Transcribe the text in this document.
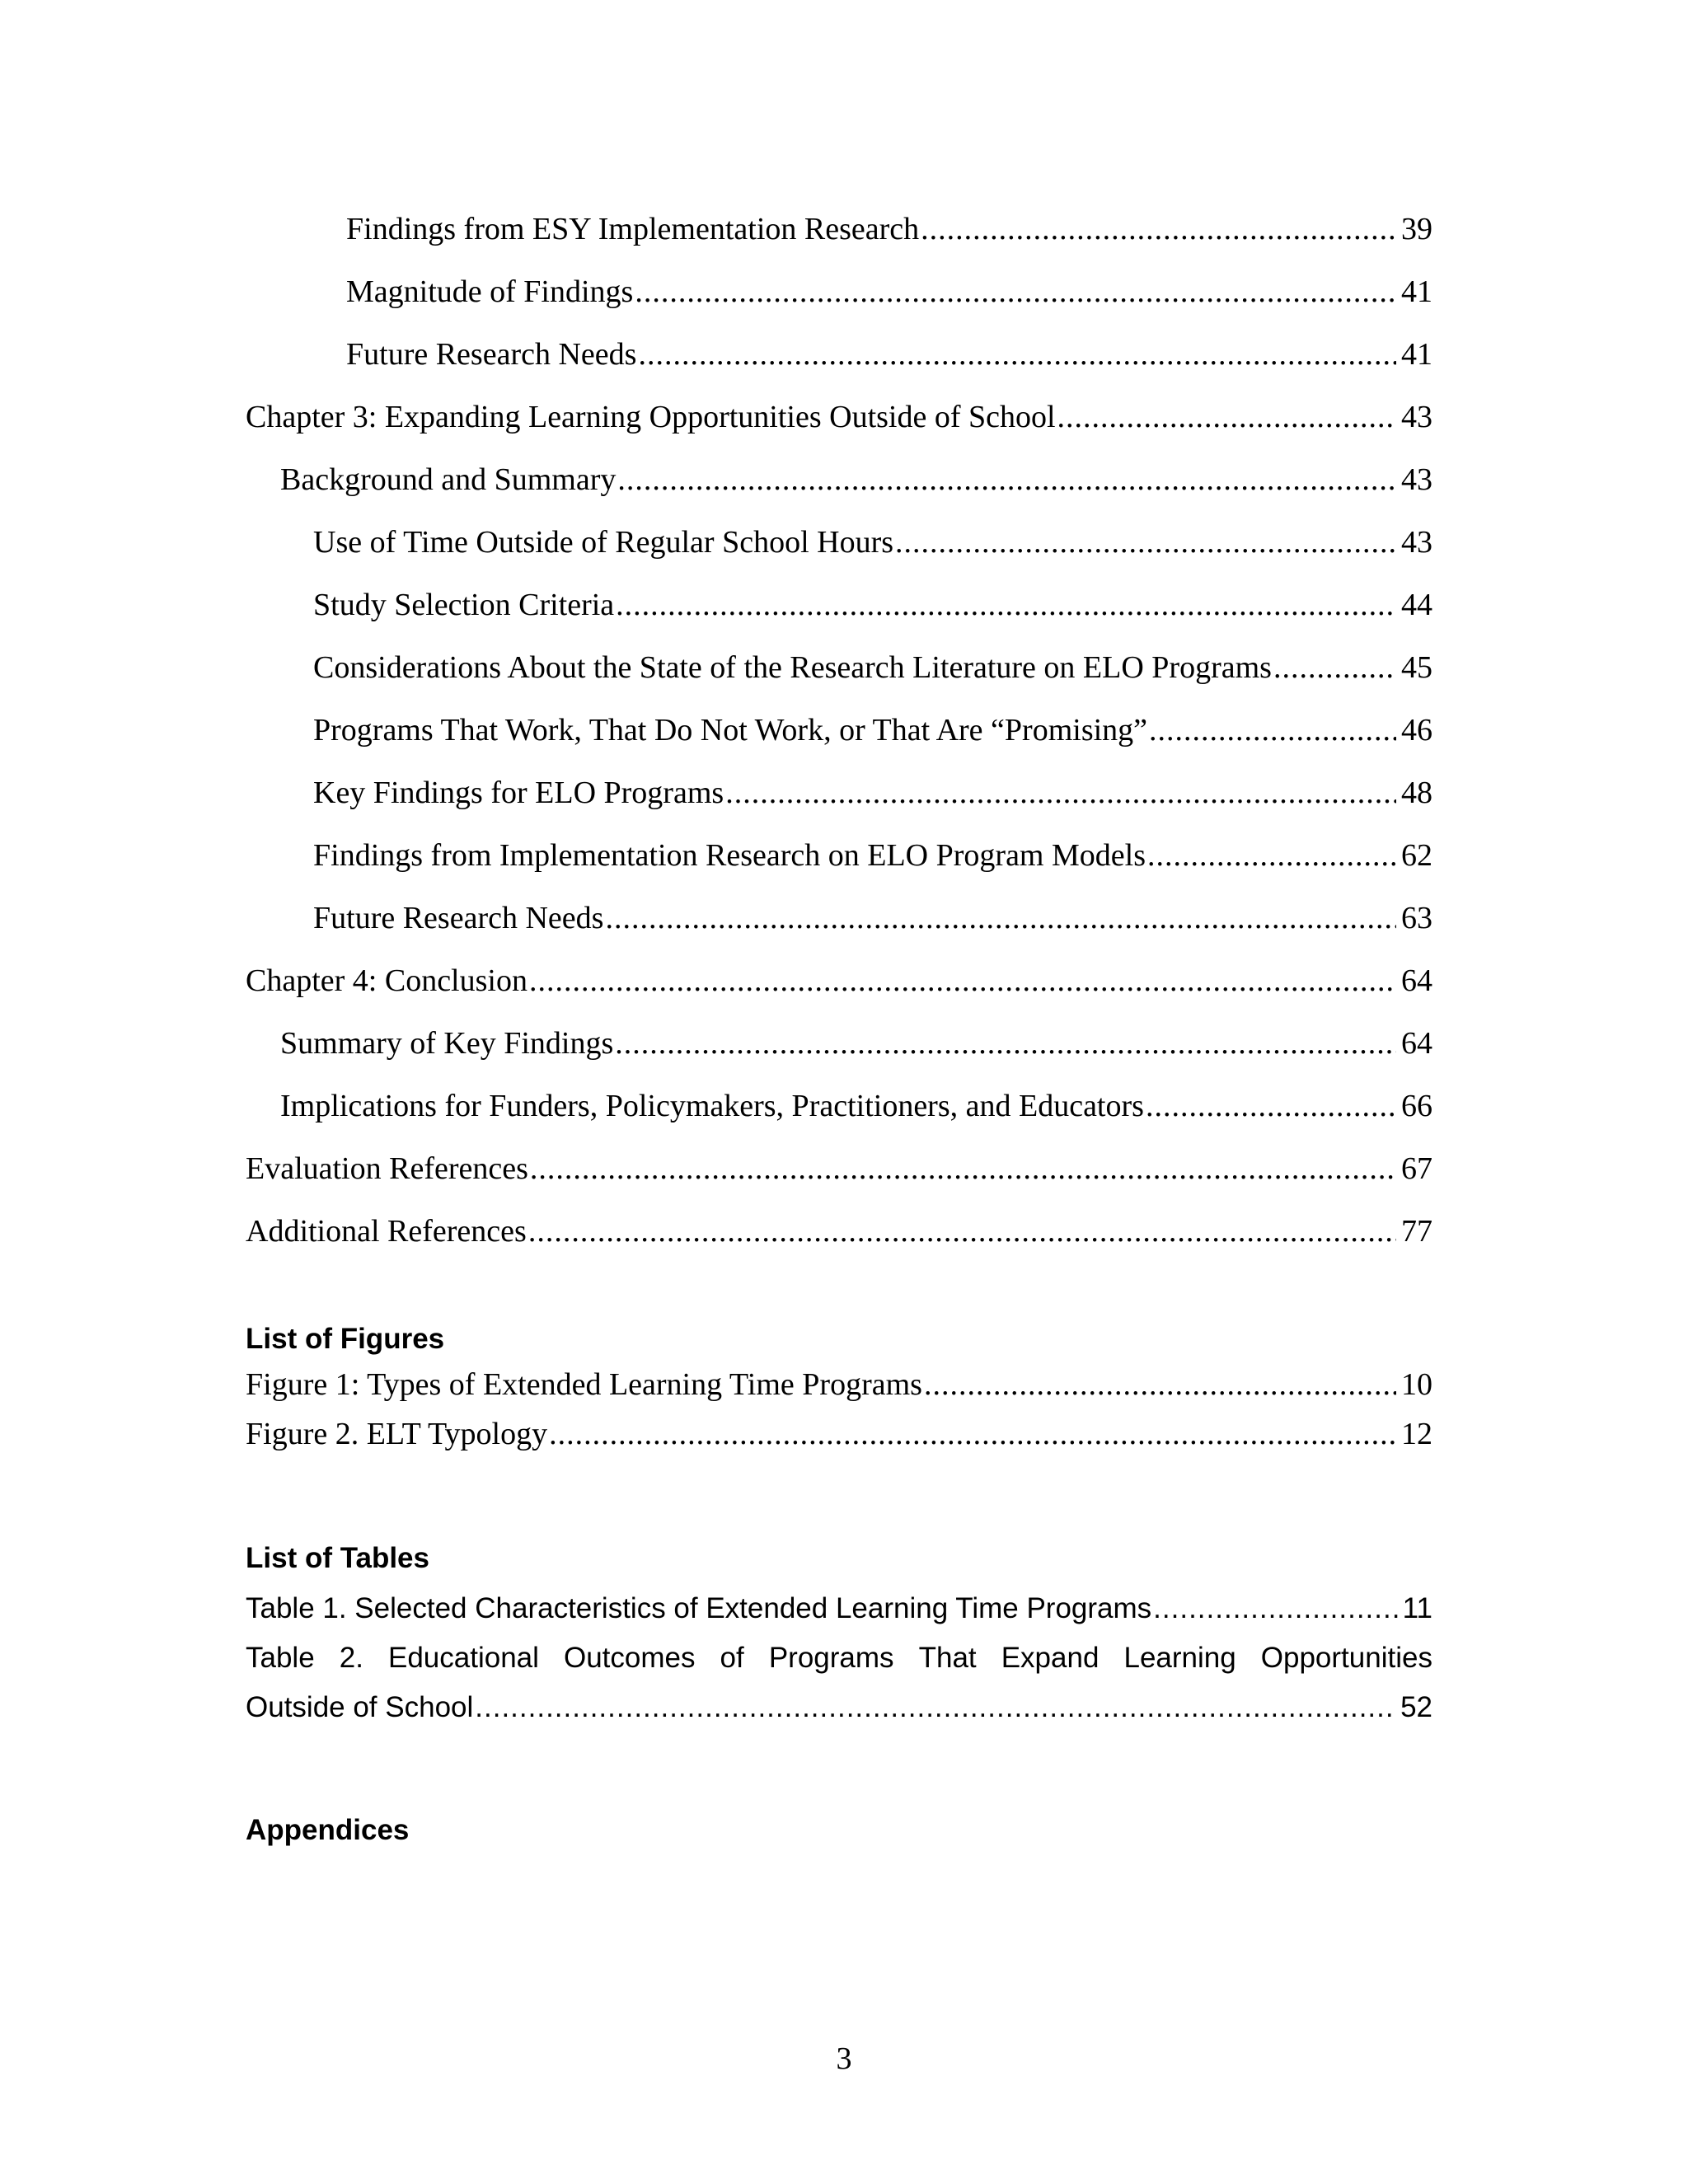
Findings from ESY Implementation Research .....	39
Magnitude of Findings .....	41
Future Research Needs .....	41
Chapter 3: Expanding Learning Opportunities Outside of School .....	43
Background and Summary .....	43
Use of Time Outside of Regular School Hours .....	43
Study Selection Criteria .....	44
Considerations About the State of the Research Literature on ELO Programs .....	45
Programs That Work, That Do Not Work, or That Are “Promising” .....	46
Key Findings for ELO Programs .....	48
Findings from Implementation Research on ELO Program Models .....	62
Future Research Needs .....	63
Chapter 4: Conclusion .....	64
Summary of Key Findings .....	64
Implications for Funders, Policymakers, Practitioners, and Educators .....	66
Evaluation References .....	67
Additional References .....	77
List of Figures
Figure 1: Types of Extended Learning Time Programs .....	10
Figure 2. ELT Typology .....	12
List of Tables
Table 1. Selected Characteristics of Extended Learning Time Programs .....	11
Table 2. Educational Outcomes of Programs That Expand Learning Opportunities
Outside of School .....	52
Appendices
3
